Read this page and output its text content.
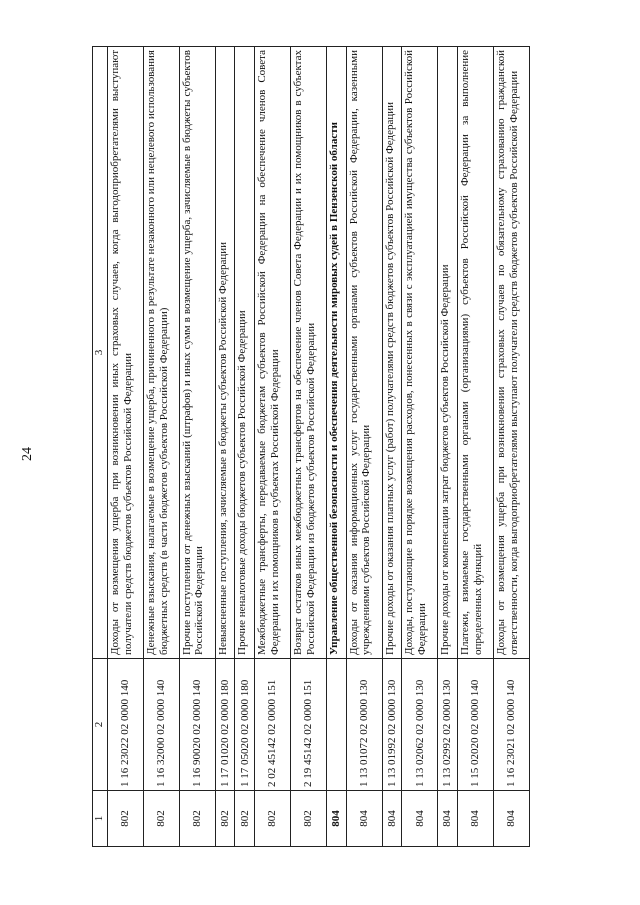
24
1	2	3
802	1 16 23022 02 0000 140	Доходы от возмещения ущерба при возникновении иных страховых случаев, когда выгодоприобретателями выступают получатели средств бюджетов субъектов Российской Федерации
802	1 16 32000 02 0000 140	Денежные взыскания, налагаемые в возмещение ущерба, причиненного в результате незаконного или нецелевого использования бюджетных средств (в части бюджетов субъектов Российской Федерации)
802	1 16 90020 02 0000 140	Прочие поступления от денежных взысканий (штрафов) и иных сумм в возмещение ущерба, зачисляемые в бюджеты субъектов Российской Федерации
802	1 17 01020 02 0000 180	Невыясненные поступления, зачисляемые в бюджеты субъектов Российской Федерации
802	1 17 05020 02 0000 180	Прочие неналоговые доходы бюджетов субъектов Российской Федерации
802	2 02 45142 02 0000 151	Межбюджетные трансферты, передаваемые бюджетам субъектов Российской Федерации на обеспечение членов Совета Федерации и их помощников в субъектах Российской Федерации
802	2 19 45142 02 0000 151	Возврат остатков иных межбюджетных трансфертов на обеспечение членов Совета Федерации и их помощников в субъектах Российской Федерации из бюджетов субъектов Российской Федерации
804		Управление общественной безопасности и обеспечения деятельности мировых судей в Пензенской области
804	1 13 01072 02 0000 130	Доходы от оказания информационных услуг государственными органами субъектов Российской Федерации, казенными учреждениями субъектов Российской Федерации
804	1 13 01992 02 0000 130	Прочие доходы от оказания платных услуг (работ) получателями средств бюджетов субъектов Российской Федерации
804	1 13 02062 02 0000 130	Доходы, поступающие в порядке возмещения расходов, понесенных в связи с эксплуатацией имущества субъектов Российской Федерации
804	1 13 02992 02 0000 130	Прочие доходы от компенсации затрат бюджетов субъектов Российской Федерации
804	1 15 02020 02 0000 140	Платежи, взимаемые государственными органами (организациями) субъектов Российской Федерации за выполнение определенных функций
804	1 16 23021 02 0000 140	Доходы от возмещения ущерба при возникновении страховых случаев по обязательному страхованию гражданской ответственности, когда выгодоприобретателями выступают получатели средств бюджетов субъектов Российской Федерации
